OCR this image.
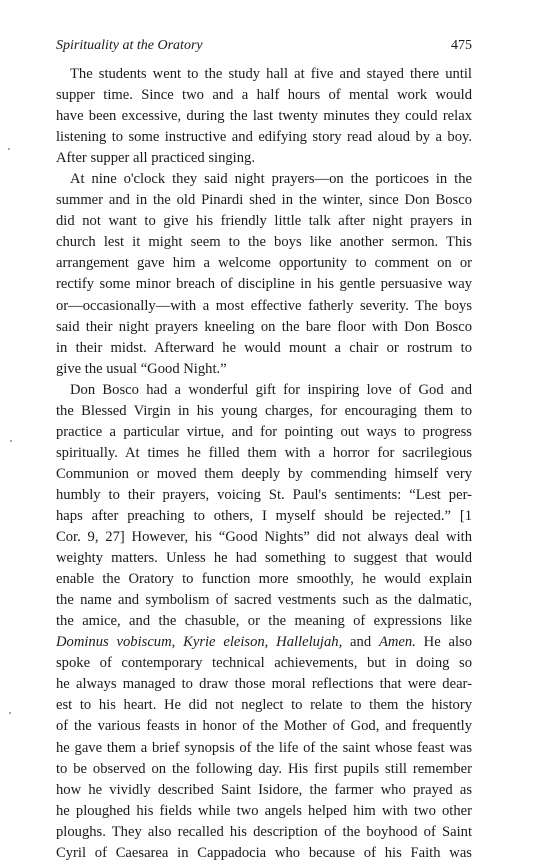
Spirituality at the Oratory	475
The students went to the study hall at five and stayed there until
supper time. Since two and a half hours of mental work would
have been excessive, during the last twenty minutes they could relax
listening to some instructive and edifying story read aloud by a boy.
After supper all practiced singing.
At nine o'clock they said night prayers—on the porticoes in the
summer and in the old Pinardi shed in the winter, since Don Bosco
did not want to give his friendly little talk after night prayers in
church lest it might seem to the boys like another sermon. This
arrangement gave him a welcome opportunity to comment on or
rectify some minor breach of discipline in his gentle persuasive way
or—occasionally—with a most effective fatherly severity. The boys
said their night prayers kneeling on the bare floor with Don Bosco
in their midst. Afterward he would mount a chair or rostrum to
give the usual “Good Night.”
Don Bosco had a wonderful gift for inspiring love of God and
the Blessed Virgin in his young charges, for encouraging them to
practice a particular virtue, and for pointing out ways to progress
spiritually. At times he filled them with a horror for sacrilegious
Communion or moved them deeply by commending himself very
humbly to their prayers, voicing St. Paul's sentiments: “Lest per-
haps after preaching to others, I myself should be rejected.” [1
Cor. 9, 27] However, his “Good Nights” did not always deal with
weighty matters. Unless he had something to suggest that would
enable the Oratory to function more smoothly, he would explain
the name and symbolism of sacred vestments such as the dalmatic,
the amice, and the chasuble, or the meaning of expressions like
Dominus vobiscum, Kyrie eleison, Hallelujah, and Amen. He also
spoke of contemporary technical achievements, but in doing so
he always managed to draw those moral reflections that were dear-
est to his heart. He did not neglect to relate to them the history
of the various feasts in honor of the Mother of God, and frequently
he gave them a brief synopsis of the life of the saint whose feast was
to be observed on the following day. His first pupils still remember
how he vividly described Saint Isidore, the farmer who prayed as
he ploughed his fields while two angels helped him with two other
ploughs. They also recalled his description of the boyhood of Saint
Cyril of Caesarea in Cappadocia who because of his Faith was
